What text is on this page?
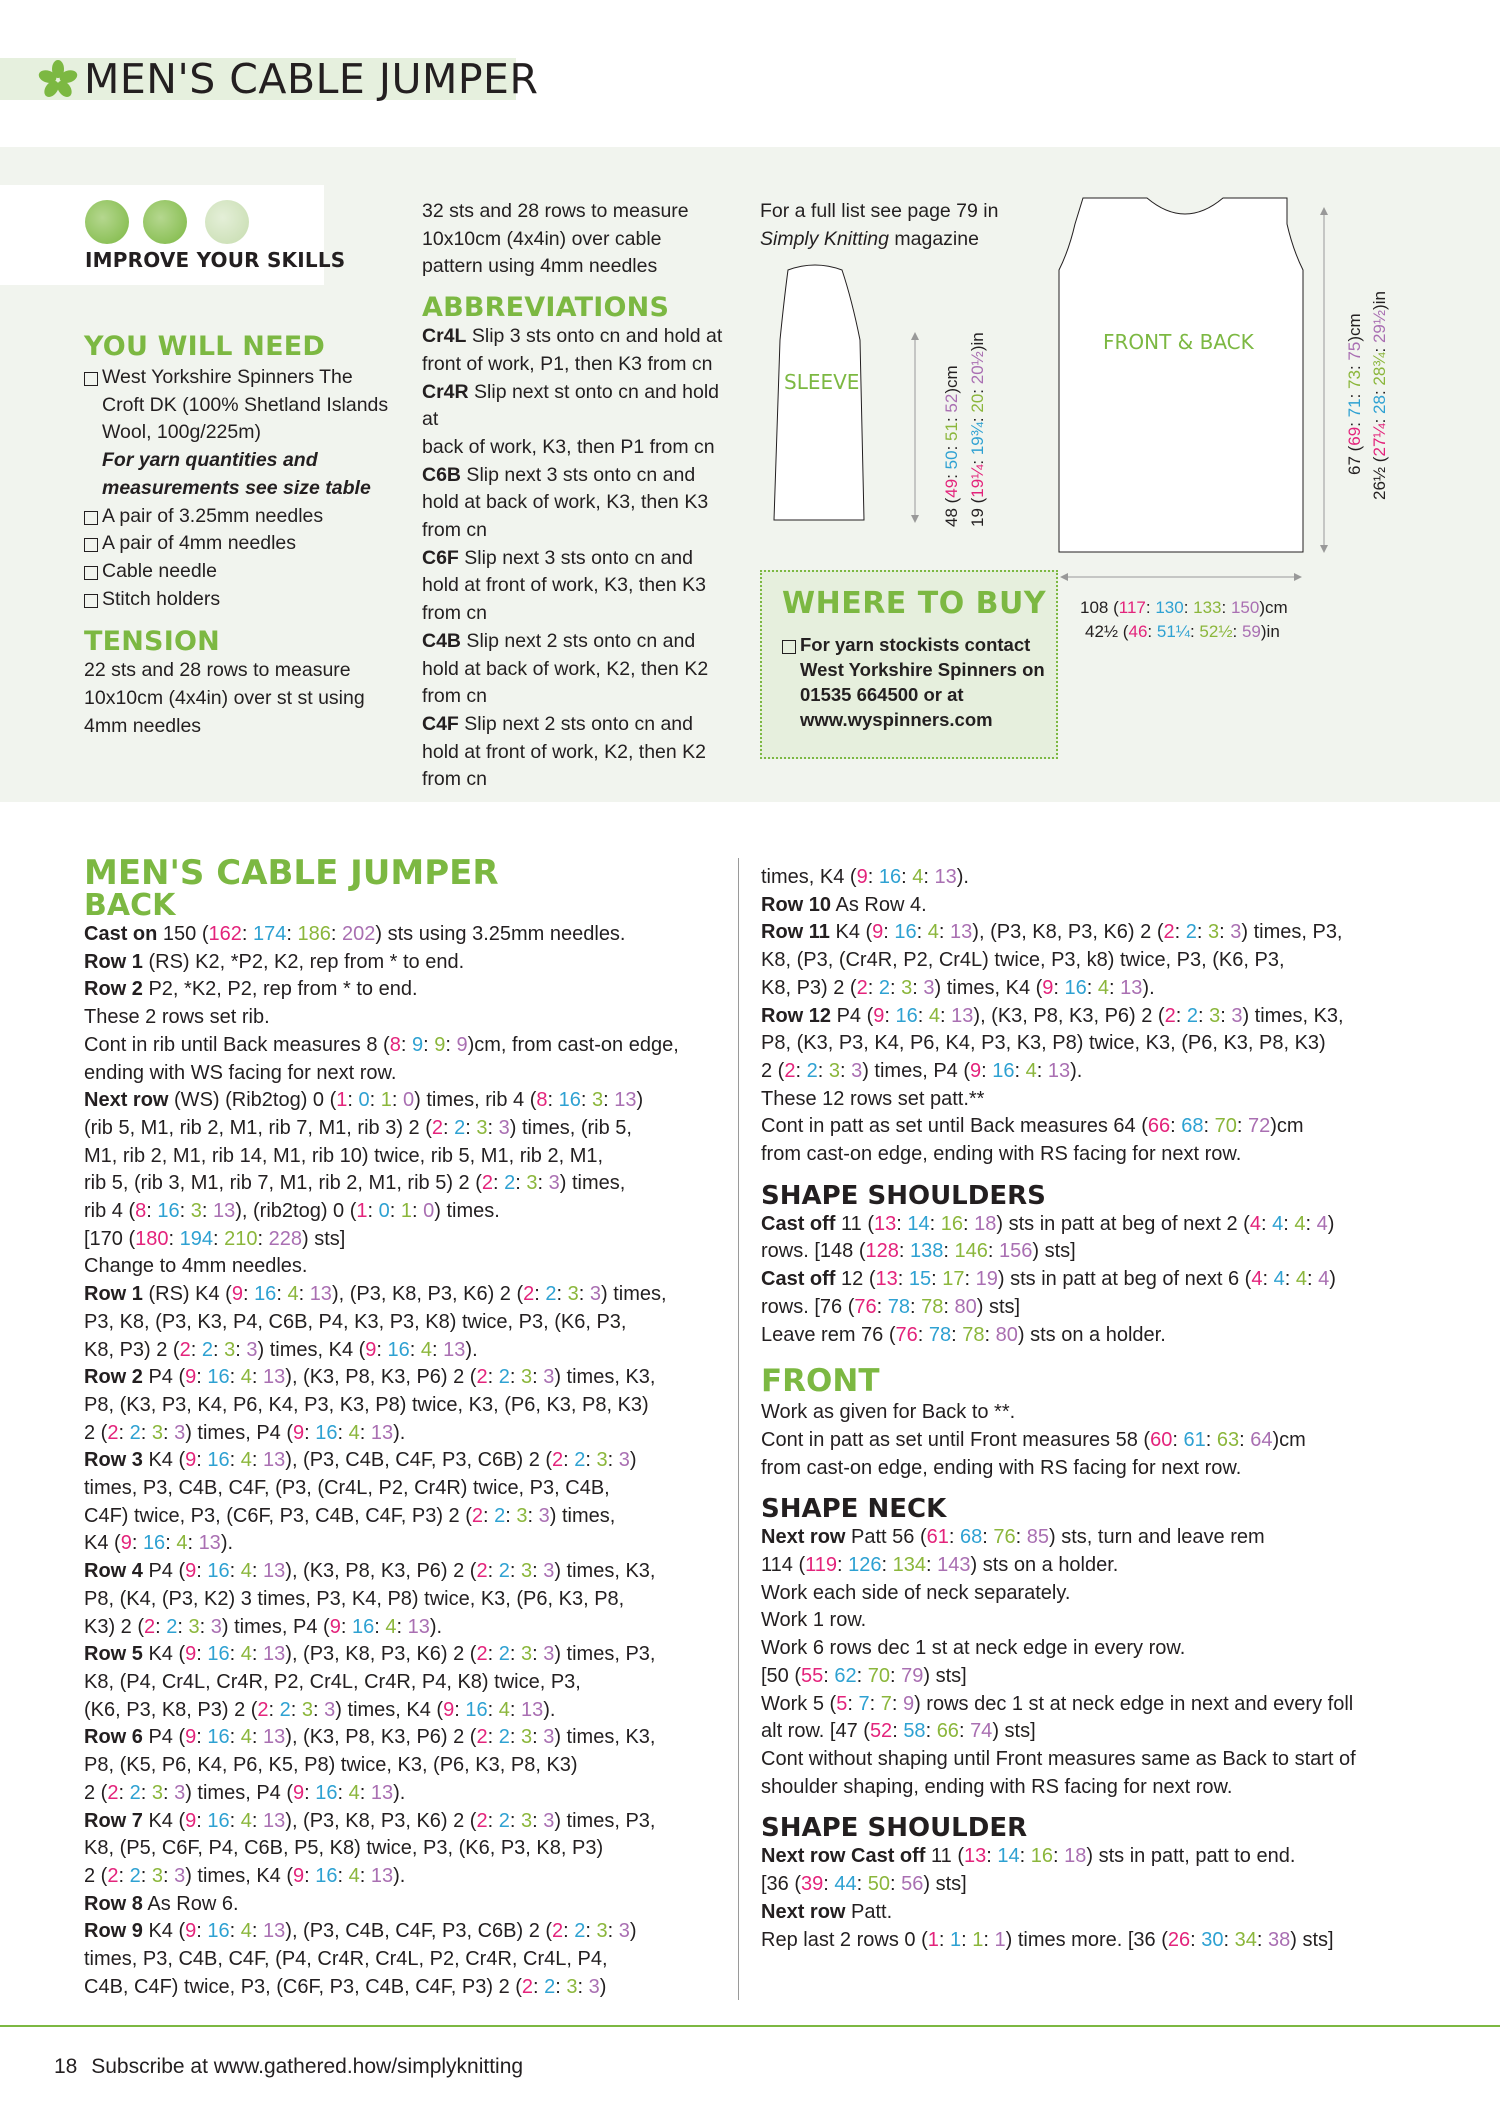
MEN'S CABLE JUMPER
IMPROVE YOUR SKILLS
YOU WILL NEED
West Yorkshire Spinners The
Croft DK (100% Shetland Islands
Wool, 100g/225m)
For yarn quantities and
measurements see size table
A pair of 3.25mm needles
A pair of 4mm needles
Cable needle
Stitch holders
TENSION
22 sts and 28 rows to measure
10x10cm (4x4in) over st st using
4mm needles
32 sts and 28 rows to measure
10x10cm (4x4in) over cable
pattern using 4mm needles
ABBREVIATIONS
Cr4L Slip 3 sts onto cn and hold at
front of work, P1, then K3 from cn
Cr4R Slip next st onto cn and hold at
back of work, K3, then P1 from cn
C6B Slip next 3 sts onto cn and
hold at back of work, K3, then K3
from cn
C6F Slip next 3 sts onto cn and
hold at front of work, K3, then K3
from cn
C4B Slip next 2 sts onto cn and
hold at back of work, K2, then K2
from cn
C4F Slip next 2 sts onto cn and
hold at front of work, K2, then K2
from cn
For a full list see page 79 in
Simply Knitting magazine
SLEEVE
48 (49: 50: 51: 52)cm
19 (19¼: 19¾: 20: 20½)in	FRONT & BACK
67 (69: 71: 73: 75)cm
26½ (27¼: 28: 28¾: 29½)in
108 (117: 130: 133: 150)cm
42½ (46: 51¼: 52½: 59)in
WHERE TO BUY
For yarn stockists contact
West Yorkshire Spinners on
01535 664500 or at
www.wyspinners.com
MEN'S CABLE JUMPER
BACK
Cast on 150 (162: 174: 186: 202) sts using 3.25mm needles.
Row 1 (RS) K2, *P2, K2, rep from * to end.
Row 2 P2, *K2, P2, rep from * to end.
These 2 rows set rib.
Cont in rib until Back measures 8 (8: 9: 9: 9)cm, from cast-on edge,
ending with WS facing for next row.
Next row (WS) (Rib2tog) 0 (1: 0: 1: 0) times, rib 4 (8: 16: 3: 13)
(rib 5, M1, rib 2, M1, rib 7, M1, rib 3) 2 (2: 2: 3: 3) times, (rib 5,
M1, rib 2, M1, rib 14, M1, rib 10) twice, rib 5, M1, rib 2, M1,
rib 5, (rib 3, M1, rib 7, M1, rib 2, M1, rib 5) 2 (2: 2: 3: 3) times,
rib 4 (8: 16: 3: 13), (rib2tog) 0 (1: 0: 1: 0) times.
[170 (180: 194: 210: 228) sts]
Change to 4mm needles.
Row 1 (RS) K4 (9: 16: 4: 13), (P3, K8, P3, K6) 2 (2: 2: 3: 3) times,
P3, K8, (P3, K3, P4, C6B, P4, K3, P3, K8) twice, P3, (K6, P3,
K8, P3) 2 (2: 2: 3: 3) times, K4 (9: 16: 4: 13).
Row 2 P4 (9: 16: 4: 13), (K3, P8, K3, P6) 2 (2: 2: 3: 3) times, K3,
P8, (K3, P3, K4, P6, K4, P3, K3, P8) twice, K3, (P6, K3, P8, K3)
2 (2: 2: 3: 3) times, P4 (9: 16: 4: 13).
Row 3 K4 (9: 16: 4: 13), (P3, C4B, C4F, P3, C6B) 2 (2: 2: 3: 3)
times, P3, C4B, C4F, (P3, (Cr4L, P2, Cr4R) twice, P3, C4B,
C4F) twice, P3, (C6F, P3, C4B, C4F, P3) 2 (2: 2: 3: 3) times,
K4 (9: 16: 4: 13).
Row 4 P4 (9: 16: 4: 13), (K3, P8, K3, P6) 2 (2: 2: 3: 3) times, K3,
P8, (K4, (P3, K2) 3 times, P3, K4, P8) twice, K3, (P6, K3, P8,
K3) 2 (2: 2: 3: 3) times, P4 (9: 16: 4: 13).
Row 5 K4 (9: 16: 4: 13), (P3, K8, P3, K6) 2 (2: 2: 3: 3) times, P3,
K8, (P4, Cr4L, Cr4R, P2, Cr4L, Cr4R, P4, K8) twice, P3,
(K6, P3, K8, P3) 2 (2: 2: 3: 3) times, K4 (9: 16: 4: 13).
Row 6 P4 (9: 16: 4: 13), (K3, P8, K3, P6) 2 (2: 2: 3: 3) times, K3,
P8, (K5, P6, K4, P6, K5, P8) twice, K3, (P6, K3, P8, K3)
2 (2: 2: 3: 3) times, P4 (9: 16: 4: 13).
Row 7 K4 (9: 16: 4: 13), (P3, K8, P3, K6) 2 (2: 2: 3: 3) times, P3,
K8, (P5, C6F, P4, C6B, P5, K8) twice, P3, (K6, P3, K8, P3)
2 (2: 2: 3: 3) times, K4 (9: 16: 4: 13).
Row 8 As Row 6.
Row 9 K4 (9: 16: 4: 13), (P3, C4B, C4F, P3, C6B) 2 (2: 2: 3: 3)
times, P3, C4B, C4F, (P4, Cr4R, Cr4L, P2, Cr4R, Cr4L, P4,
C4B, C4F) twice, P3, (C6F, P3, C4B, C4F, P3) 2 (2: 2: 3: 3)
times, K4 (9: 16: 4: 13).
Row 10 As Row 4.
Row 11 K4 (9: 16: 4: 13), (P3, K8, P3, K6) 2 (2: 2: 3: 3) times, P3,
K8, (P3, (Cr4R, P2, Cr4L) twice, P3, k8) twice, P3, (K6, P3,
K8, P3) 2 (2: 2: 3: 3) times, K4 (9: 16: 4: 13).
Row 12 P4 (9: 16: 4: 13), (K3, P8, K3, P6) 2 (2: 2: 3: 3) times, K3,
P8, (K3, P3, K4, P6, K4, P3, K3, P8) twice, K3, (P6, K3, P8, K3)
2 (2: 2: 3: 3) times, P4 (9: 16: 4: 13).
These 12 rows set patt.**
Cont in patt as set until Back measures 64 (66: 68: 70: 72)cm
from cast-on edge, ending with RS facing for next row.
SHAPE SHOULDERS
Cast off 11 (13: 14: 16: 18) sts in patt at beg of next 2 (4: 4: 4: 4)
rows. [148 (128: 138: 146: 156) sts]
Cast off 12 (13: 15: 17: 19) sts in patt at beg of next 6 (4: 4: 4: 4)
rows. [76 (76: 78: 78: 80) sts]
Leave rem 76 (76: 78: 78: 80) sts on a holder.
FRONT
Work as given for Back to **.
Cont in patt as set until Front measures 58 (60: 61: 63: 64)cm
from cast-on edge, ending with RS facing for next row.
SHAPE NECK
Next row Patt 56 (61: 68: 76: 85) sts, turn and leave rem
114 (119: 126: 134: 143) sts on a holder.
Work each side of neck separately.
Work 1 row.
Work 6 rows dec 1 st at neck edge in every row.
[50 (55: 62: 70: 79) sts]
Work 5 (5: 7: 7: 9) rows dec 1 st at neck edge in next and every foll
alt row. [47 (52: 58: 66: 74) sts]
Cont without shaping until Front measures same as Back to start of
shoulder shaping, ending with RS facing for next row.
SHAPE SHOULDER
Next row Cast off 11 (13: 14: 16: 18) sts in patt, patt to end.
[36 (39: 44: 50: 56) sts]
Next row Patt.
Rep last 2 rows 0 (1: 1: 1: 1) times more. [36 (26: 30: 34: 38) sts]
18 Subscribe at www.gathered.how/simplyknitting
